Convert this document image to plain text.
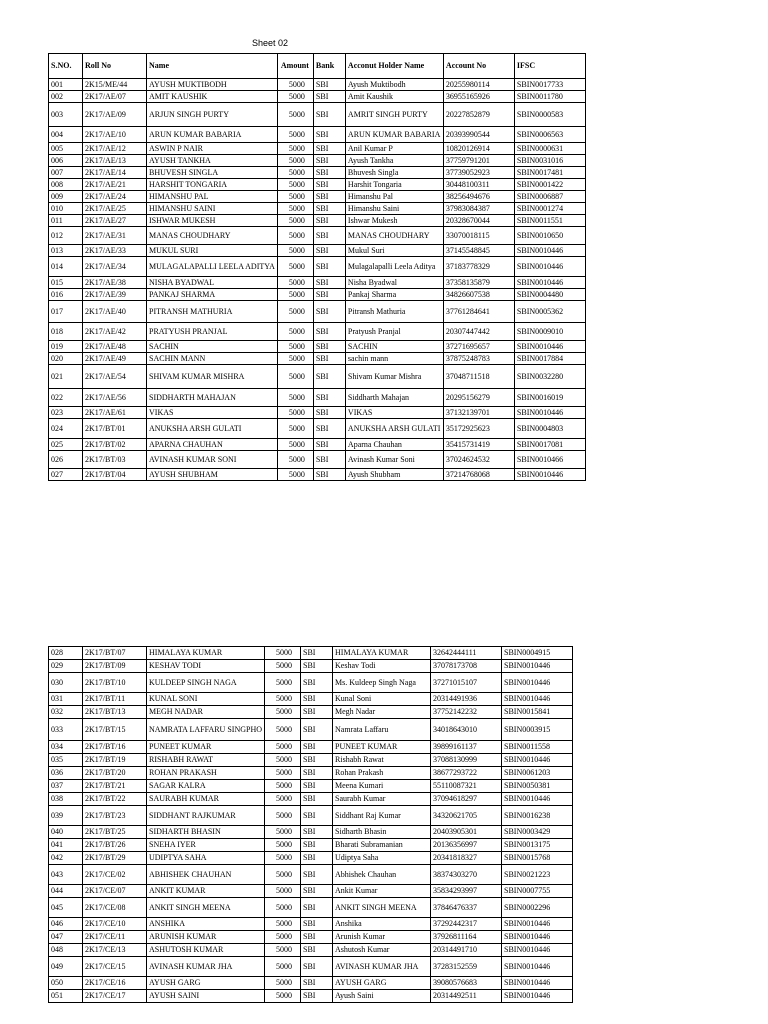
Sheet 02
S.NO.	Roll No	Name	Amount	Bank	Acconut Holder Name	Account No	IFSC
001	2K15/ME/44	AYUSH MUKTIBODH	5000	SBI	Ayush Muktibodh	20255980114	SBIN0017733
002	2K17/AE/07	AMIT KAUSHIK	5000	SBI	Amit Kaushik	36955165926	SBIN0011780
003	2K17/AE/09	ARJUN SINGH PURTY	5000	SBI	AMRIT SINGH PURTY	20227852879	SBIN0000583
004	2K17/AE/10	ARUN KUMAR BABARIA	5000	SBI	ARUN KUMAR BABARIA	20393990544	SBIN0006563
005	2K17/AE/12	ASWIN P NAIR	5000	SBI	Anil Kumar P	10820126914	SBIN0000631
006	2K17/AE/13	AYUSH TANKHA	5000	SBI	Ayush Tankha	37759791201	SBIN0031016
007	2K17/AE/14	BHUVESH SINGLA	5000	SBI	Bhuvesh Singla	37739052923	SBIN0017481
008	2K17/AE/21	HARSHIT TONGARIA	5000	SBI	Harshit Tongaria	30448100311	SBIN0001422
009	2K17/AE/24	HIMANSHU PAL	5000	SBI	Himanshu Pal	38256494676	SBIN0006887
010	2K17/AE/25	HIMANSHU SAINI	5000	SBI	Himanshu Saini	37983084387	SBIN0001274
011	2K17/AE/27	ISHWAR MUKESH	5000	SBI	Ishwar Mukesh	20328670044	SBIN0011551
012	2K17/AE/31	MANAS CHOUDHARY	5000	SBI	MANAS CHOUDHARY	33070018115	SBIN0010650
013	2K17/AE/33	MUKUL SURI	5000	SBI	Mukul Suri	37145548845	SBIN0010446
014	2K17/AE/34	MULAGALAPALLI LEELA ADITYA	5000	SBI	Mulagalapalli Leela Aditya	37183778329	SBIN0010446
015	2K17/AE/38	NISHA BYADWAL	5000	SBI	Nisha Byadwal	37358135879	SBIN0010446
016	2K17/AE/39	PANKAJ SHARMA	5000	SBI	Pankaj Sharma	34826607538	SBIN0004480
017	2K17/AE/40	PITRANSH MATHURIA	5000	SBI	Pitransh Mathuria	37761284641	SBIN0005362
018	2K17/AE/42	PRATYUSH PRANJAL	5000	SBI	Pratyush Pranjal	20307447442	SBIN0009010
019	2K17/AE/48	SACHIN	5000	SBI	SACHIN	37271695657	SBIN0010446
020	2K17/AE/49	SACHIN MANN	5000	SBI	sachin mann	37875248783	SBIN0017884
021	2K17/AE/54	SHIVAM KUMAR MISHRA	5000	SBI	Shivam Kumar Mishra	37048711518	SBIN0032280
022	2K17/AE/56	SIDDHARTH MAHAJAN	5000	SBI	Siddharth Mahajan	20295156279	SBIN0016019
023	2K17/AE/61	VIKAS	5000	SBI	VIKAS	37132139701	SBIN0010446
024	2K17/BT/01	ANUKSHA ARSH GULATI	5000	SBI	ANUKSHA ARSH GULATI	35172925623	SBIN0004803
025	2K17/BT/02	APARNA CHAUHAN	5000	SBI	Aparna Chauhan	35415731419	SBIN0017081
026	2K17/BT/03	AVINASH KUMAR SONI	5000	SBI	Avinash Kumar Soni	37024624532	SBIN0010466
027	2K17/BT/04	AYUSH SHUBHAM	5000	SBI	Ayush Shubham	37214768068	SBIN0010446
028	2K17/BT/07	HIMALAYA KUMAR	5000	SBI	HIMALAYA KUMAR	32642444111	SBIN0004915
029	2K17/BT/09	KESHAV TODI	5000	SBI	Keshav Todi	37078173708	SBIN0010446
030	2K17/BT/10	KULDEEP SINGH NAGA	5000	SBI	Ms. Kuldeep Singh Naga	37271015107	SBIN0010446
031	2K17/BT/11	KUNAL SONI	5000	SBI	Kunal Soni	20314491936	SBIN0010446
032	2K17/BT/13	MEGH NADAR	5000	SBI	Megh Nadar	37752142232	SBIN0015841
033	2K17/BT/15	NAMRATA LAFFARU SINGPHO	5000	SBI	Namrata Laffaru	34018643010	SBIN0003915
034	2K17/BT/16	PUNEET KUMAR	5000	SBI	PUNEET KUMAR	39899161137	SBIN0011558
035	2K17/BT/19	RISHABH RAWAT	5000	SBI	Rishabh Rawat	37088130999	SBIN0010446
036	2K17/BT/20	ROHAN PRAKASH	5000	SBI	Rohan Prakash	38677293722	SBIN0061203
037	2K17/BT/21	SAGAR KALRA	5000	SBI	Meena Kumari	55110087321	SBIN0050381
038	2K17/BT/22	SAURABH KUMAR	5000	SBI	Saurabh Kumar	37094618297	SBIN0010446
039	2K17/BT/23	SIDDHANT RAJKUMAR	5000	SBI	Siddhant Raj Kumar	34320621705	SBIN0016238
040	2K17/BT/25	SIDHARTH BHASIN	5000	SBI	Sidharth Bhasin	20403905301	SBIN0003429
041	2K17/BT/26	SNEHA IYER	5000	SBI	Bharati Subramanian	20136356997	SBIN0013175
042	2K17/BT/29	UDIPTYA SAHA	5000	SBI	Udiptya Saha	20341818327	SBIN0015768
043	2K17/CE/02	ABHISHEK CHAUHAN	5000	SBI	Abhishek Chauhan	38374303270	SBIN0021223
044	2K17/CE/07	ANKIT KUMAR	5000	SBI	Ankit Kumar	35834293997	SBIN0007755
045	2K17/CE/08	ANKIT SINGH MEENA	5000	SBI	ANKIT SINGH MEENA	37846476337	SBIN0002296
046	2K17/CE/10	ANSHIKA	5000	SBI	Anshika	37292442317	SBIN0010446
047	2K17/CE/11	ARUNISH KUMAR	5000	SBI	Arunish Kumar	37926811164	SBIN0010446
048	2K17/CE/13	ASHUTOSH KUMAR	5000	SBI	Ashutosh Kumar	20314491710	SBIN0010446
049	2K17/CE/15	AVINASH KUMAR JHA	5000	SBI	AVINASH KUMAR JHA	37283152559	SBIN0010446
050	2K17/CE/16	AYUSH GARG	5000	SBI	AYUSH GARG	39080576683	SBIN0010446
051	2K17/CE/17	AYUSH SAINI	5000	SBI	Ayush Saini	20314492511	SBIN0010446
